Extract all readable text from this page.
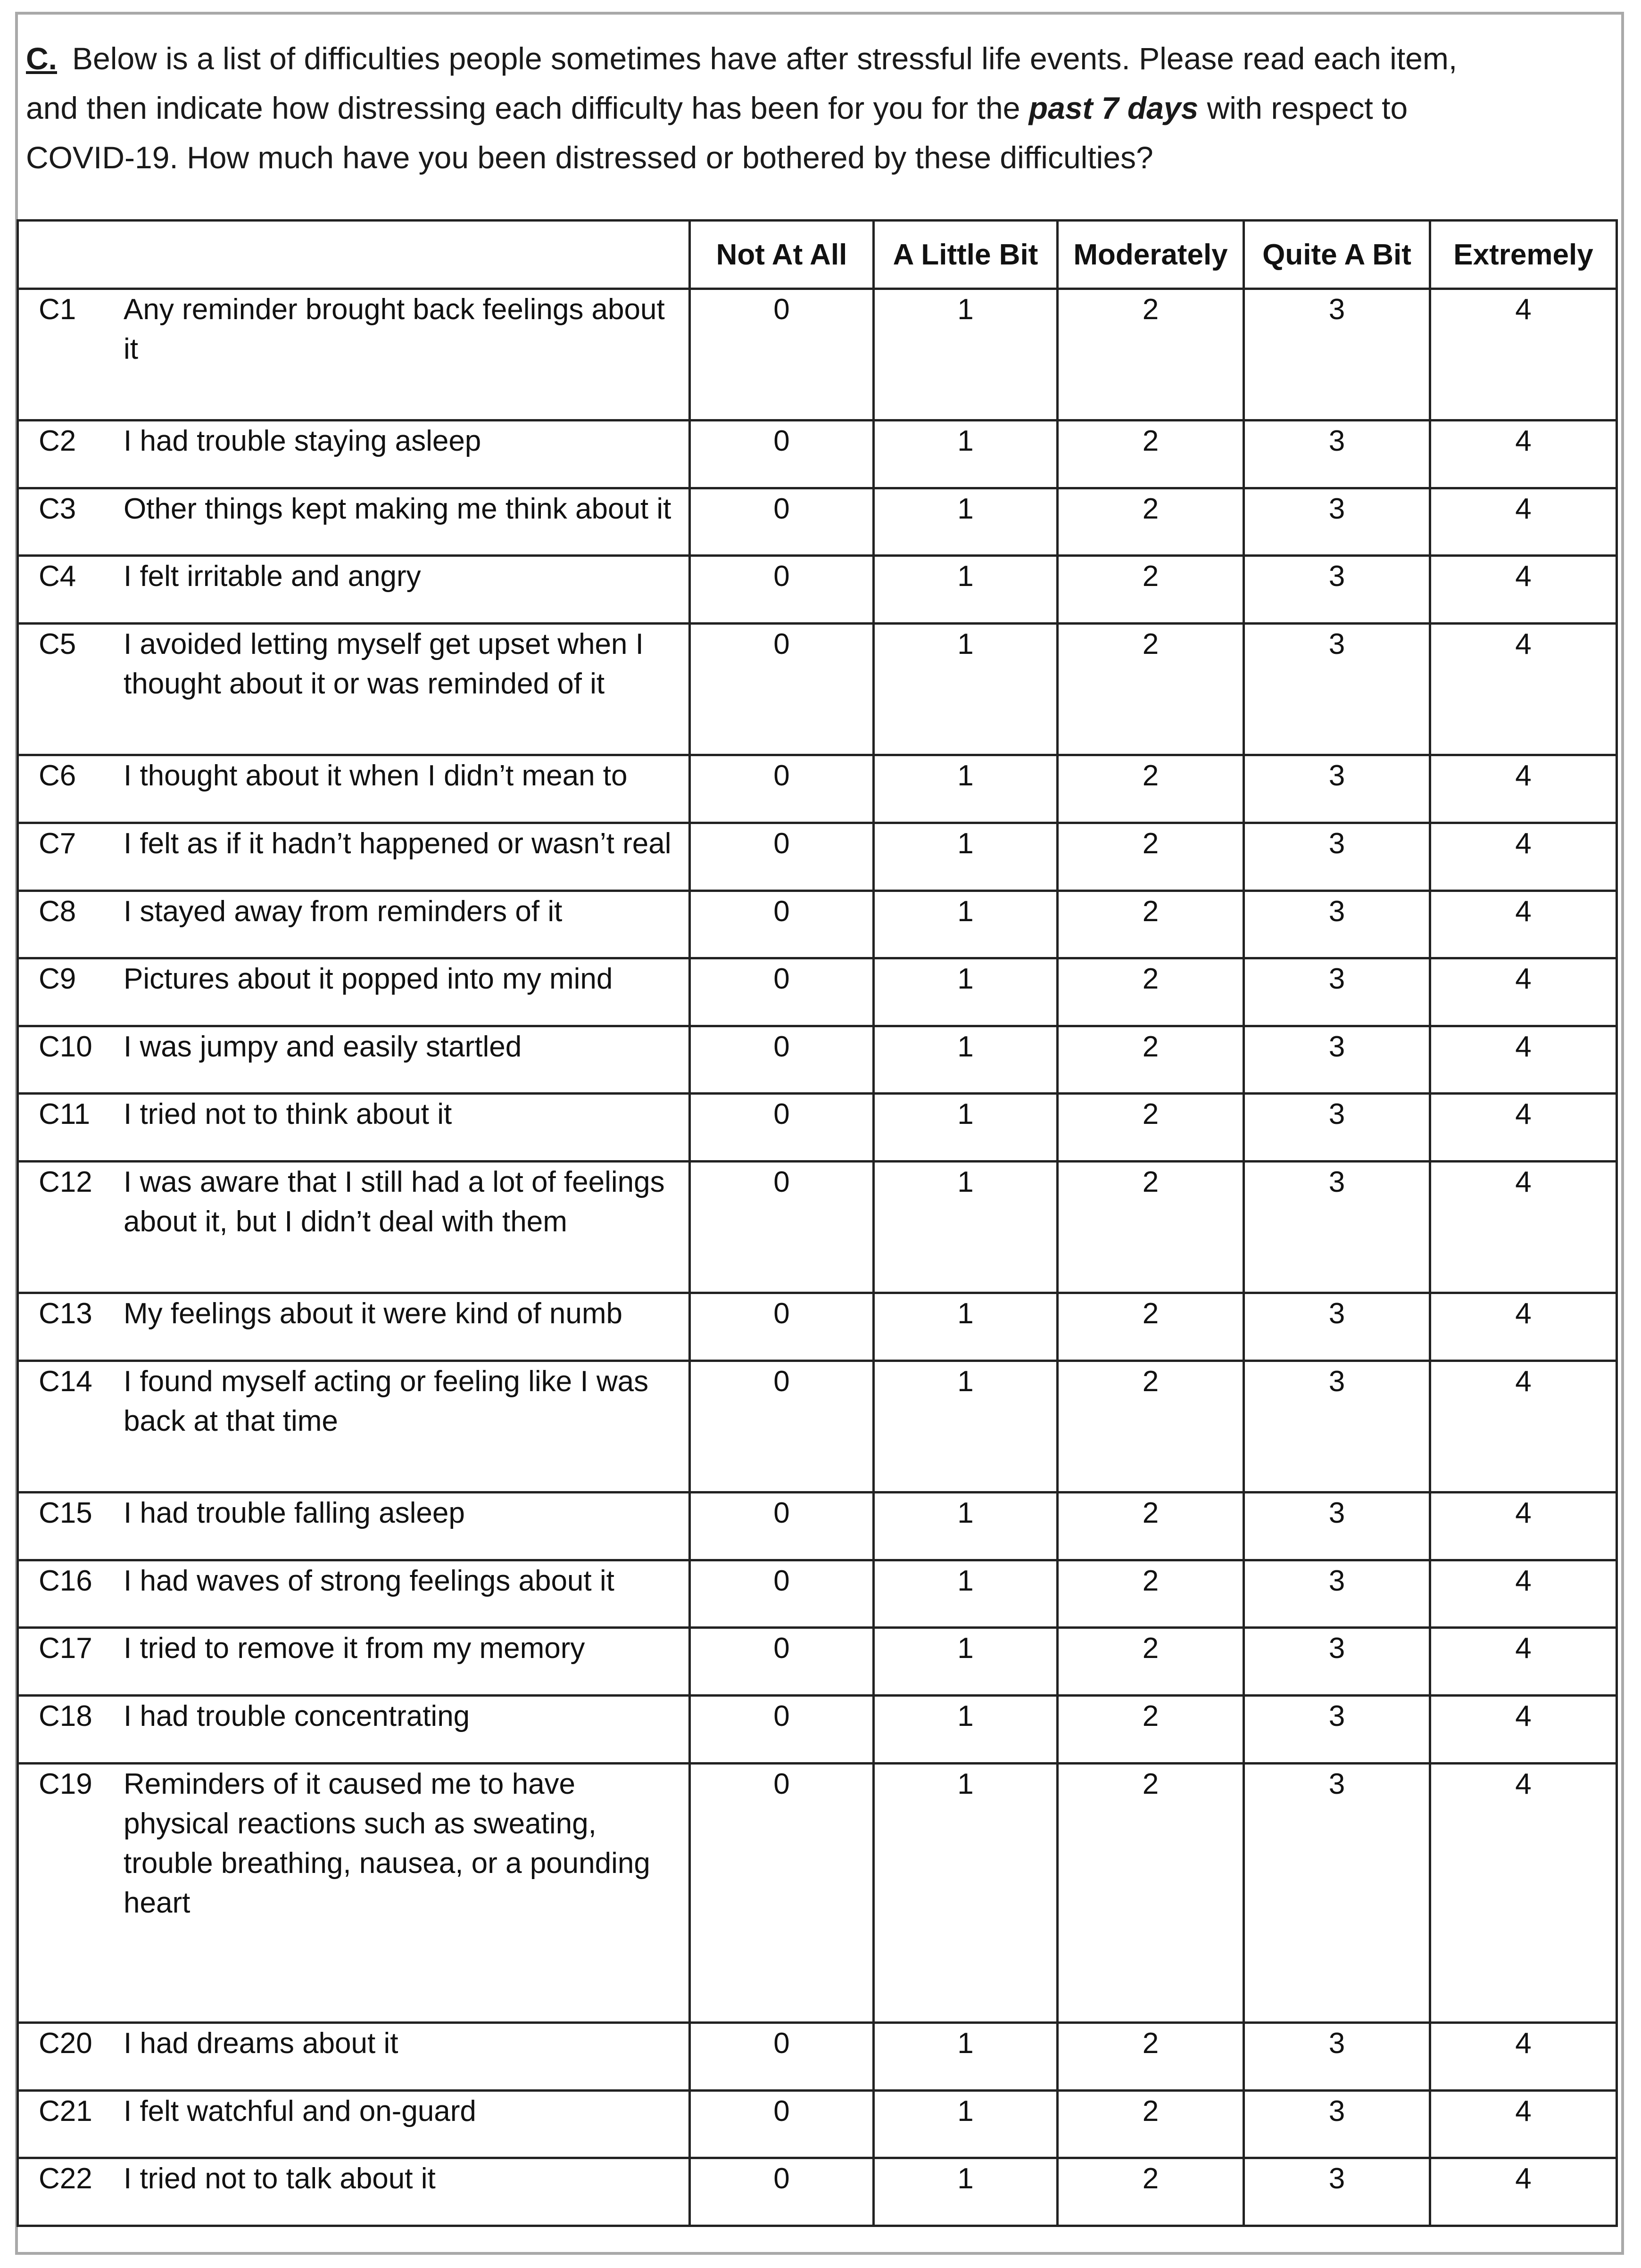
C. Below is a list of difficulties people sometimes have after stressful life events. Please read each item, and then indicate how distressing each difficulty has been for you for the past 7 days with respect to COVID-19. How much have you been distressed or bothered by these difficulties?
	Not At All	A Little Bit	Moderately	Quite A Bit	Extremely

C1 Any reminder brought back feelings about it	0	1	2	3	4

C2 I had trouble staying asleep	0	1	2	3	4

C3 Other things kept making me think about it	0	1	2	3	4

C4 I felt irritable and angry	0	1	2	3	4

C5 I avoided letting myself get upset when I thought about it or was reminded of it	0	1	2	3	4

C6 I thought about it when I didn’t mean to	0	1	2	3	4

C7 I felt as if it hadn’t happened or wasn’t real	0	1	2	3	4

C8 I stayed away from reminders of it	0	1	2	3	4

C9 Pictures about it popped into my mind	0	1	2	3	4

C10 I was jumpy and easily startled	0	1	2	3	4

C11 I tried not to think about it	0	1	2	3	4

C12 I was aware that I still had a lot of feelings about it, but I didn’t deal with them	0	1	2	3	4

C13 My feelings about it were kind of numb	0	1	2	3	4

C14 I found myself acting or feeling like I was back at that time	0	1	2	3	4

C15 I had trouble falling asleep	0	1	2	3	4

C16 I had waves of strong feelings about it	0	1	2	3	4

C17 I tried to remove it from my memory	0	1	2	3	4

C18 I had trouble concentrating	0	1	2	3	4

C19 Reminders of it caused me to have physical reactions such as sweating, trouble breathing, nausea, or a pounding heart	0	1	2	3	4

C20 I had dreams about it	0	1	2	3	4

C21 I felt watchful and on-guard	0	1	2	3	4

C22 I tried not to talk about it	0	1	2	3	4
